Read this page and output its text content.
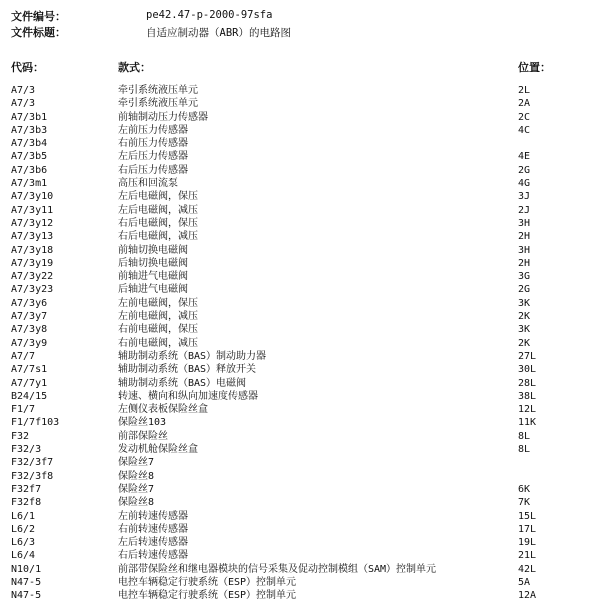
文件编号：	pe42.47-p-2000-97sfa
文件标题：	自适应制动器（ABR）的电路图
代码：	款式：	位置：
A7/3	牵引系统液压单元	2L
A7/3	牵引系统液压单元	2A
A7/3b1	前轴制动压力传感器	2C
A7/3b3	左前压力传感器	4C
A7/3b4	右前压力传感器
A7/3b5	左后压力传感器	4E
A7/3b6	右后压力传感器	2G
A7/3m1	高压和回流泵	4G
A7/3y10	左后电磁阀，保压	3J
A7/3y11	左后电磁阀，减压	2J
A7/3y12	右后电磁阀，保压	3H
A7/3y13	右后电磁阀，减压	2H
A7/3y18	前轴切换电磁阀	3H
A7/3y19	后轴切换电磁阀	2H
A7/3y22	前轴进气电磁阀	3G
A7/3y23	后轴进气电磁阀	2G
A7/3y6	左前电磁阀，保压	3K
A7/3y7	左前电磁阀，减压	2K
A7/3y8	右前电磁阀，保压	3K
A7/3y9	右前电磁阀，减压	2K
A7/7	辅助制动系统（BAS）制动助力器	27L
A7/7s1	辅助制动系统（BAS）释放开关	30L
A7/7y1	辅助制动系统（BAS）电磁阀	28L
B24/15	转速、横向和纵向加速度传感器	38L
F1/7	左侧仪表板保险丝盒	12L
F1/7f103	保险丝103	11K
F32	前部保险丝	8L
F32/3	发动机舱保险丝盒	8L
F32/3f7	保险丝7
F32/3f8	保险丝8
F32f7	保险丝7	6K
F32f8	保险丝8	7K
L6/1	左前转速传感器	15L
L6/2	右前转速传感器	17L
L6/3	左后转速传感器	19L
L6/4	右后转速传感器	21L
N10/1	前部带保险丝和继电器模块的信号采集及促动控制模组（SAM）控制单元	42L
N47-5	电控车辆稳定行驶系统（ESP）控制单元	5A
N47-5	电控车辆稳定行驶系统（ESP）控制单元	12A
